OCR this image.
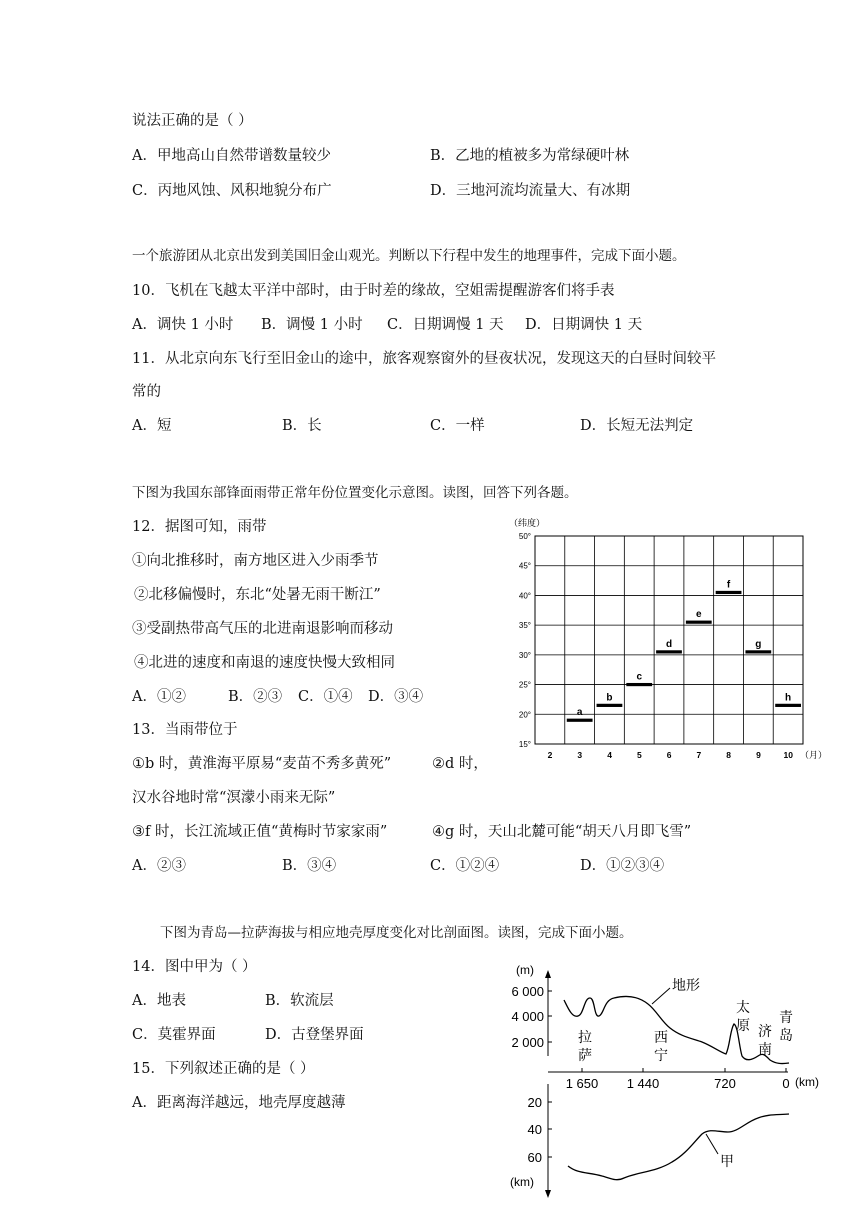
说法正确的是（ ）
A．甲地高山自然带谱数量较少	B．乙地的植被多为常绿硬叶林
C．丙地风蚀、风积地貌分布广	D．三地河流均流量大、有冰期
一个旅游团从北京出发到美国旧金山观光。判断以下行程中发生的地理事件，完成下面小题。
10．飞机在飞越太平洋中部时，由于时差的缘故，空姐需提醒游客们将手表
A．调快 1 小时 B．调慢 1 小时 C．日期调慢 1 天 D．日期调快 1 天
11．从北京向东飞行至旧金山的途中，旅客观察窗外的昼夜状况，发现这天的白昼时间较平
常的
A．短	B．长	C．一样	D．长短无法判定
下图为我国东部锋面雨带正常年份位置变化示意图。读图，回答下列各题。
12．据图可知，雨带
①向北推移时，南方地区进入少雨季节
②北移偏慢时，东北“处暑无雨干断江”
③受副热带高气压的北进南退影响而移动
④北进的速度和南退的速度快慢大致相同
A．①②	B．②③ C．①④ D．③④
13．当雨带位于
①b 时，黄淮海平原易“麦苗不秀多黄死”	②d 时，
汉水谷地时常“溟濛小雨来无际”
③f 时，长江流域正值“黄梅时节家家雨”	④g 时，天山北麓可能“胡天八月即飞雪”
A．②③	B．③④	C．①②④	D．①②③④
下图为青岛—拉萨海拔与相应地壳厚度变化对比剖面图。读图，完成下面小题。
14．图中甲为（ ）
A．地表	B．软流层
C．莫霍界面	D．古登堡界面
15．下列叙述正确的是（ ）
A．距离海洋越远，地壳厚度越薄
（纬度）
（月）
50°
45°
40°
35°
30°
25°
20°
15°
2	3	4	5	6	7	8	9	10
a
b
c
d
e
f
g
h
(m)
(km)
(km)
6 000
4 000
2 000
1 650 1 440	720	0
20
40
60
地形
甲
拉
萨
西
宁
太
原 济
南
青
岛
